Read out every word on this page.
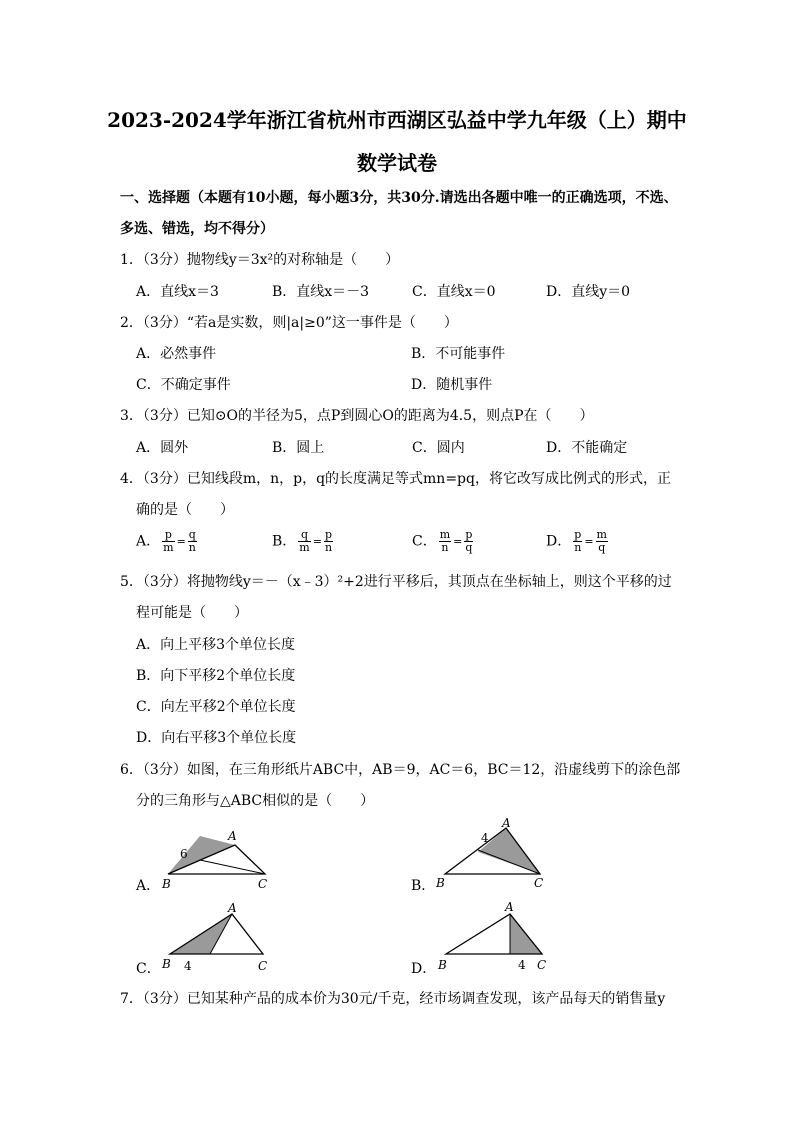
2023-2024学年浙江省杭州市西湖区弘益中学九年级（上）期中
数学试卷
一、选择题（本题有10小题，每小题3分，共30分.请选出各题中唯一的正确选项，不选、
多选、错选，均不得分）
1．（3分）抛物线y＝3x²的对称轴是（　　）
A．直线x＝3	B．直线x＝－3	C．直线x＝0	D．直线y＝0
2．（3分）“若a是实数，则|a|≥0”这一事件是（　　）
A．必然事件	B．不可能事件
C．不确定事件	D．随机事件
3．（3分）已知⊙O的半径为5，点P到圆心O的距离为4.5，则点P在（　　）
A．圆外	B．圆上	C．圆内	D．不能确定
4．（3分）已知线段m，n，p，q的长度满足等式mn=pq，将它改写成比例式的形式，正
确的是（　　）
A． $\frac{p}{m} = \frac{q}{n}$	B． $\frac{q}{m} = \frac{p}{n}$	C． $\frac{m}{n} = \frac{p}{q}$	D． $\frac{p}{n} = \frac{m}{q}$
5．（3分）将抛物线y＝－（x﹣3）²+2进行平移后，其顶点在坐标轴上，则这个平移的过
程可能是（　　）
A．向上平移3个单位长度
B．向下平移2个单位长度
C．向左平移2个单位长度
D．向右平移3个单位长度
6．（3分）如图，在三角形纸片ABC中，AB＝9，AC＝6，BC＝12，沿虚线剪下的涂色部
分的三角形与△ABC相似的是（　　）
A．
A
6
B	C	B．
A
4
B	C
C．
A
B 4	C	D．
A
B	4 C
7．（3分）已知某种产品的成本价为30元/千克，经市场调查发现，该产品每天的销售量y
